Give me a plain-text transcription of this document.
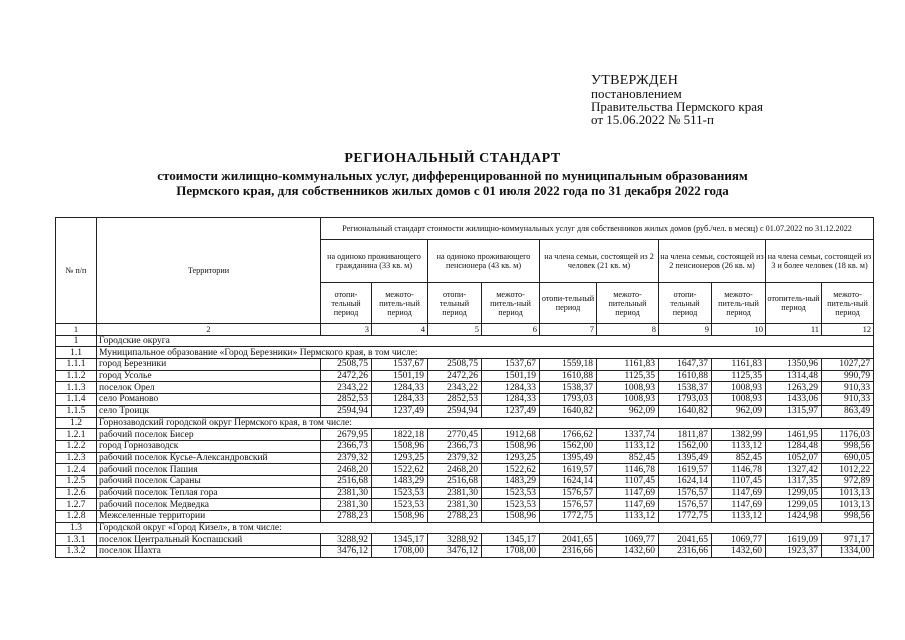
УТВЕРЖДЕН
постановлением
Правительства Пермского края
от 15.06.2022 № 511-п
РЕГИОНАЛЬНЫЙ СТАНДАРТ
стоимости жилищно-коммунальных услуг, дифференцированной по муниципальным образованиям
Пермского края, для собственников жилых домов с 01 июля 2022 года по 31 декабря 2022 года
№ п/п	Территории	Региональный стандарт стоимости жилищно-коммунальных услуг для собственников жилых домов (руб./чел. в месяц) с 01.07.2022 по 31.12.2022									
		на одиноко проживающего гражданина (33 кв. м)		на одиноко проживающего пенсионера (43 кв. м)		на члена семьи, состоящей из 2 человек (21 кв. м)		на члена семьи, состоящей из 2 пенсионеров (26 кв. м)		на члена семьи, состоящей из 3 и более человек (18 кв. м)	
		отопи-тельный период	межото-питель-ный период	отопи-тельный период	межото-питель-ный период	отопи-тельный период	межото-пительный период	отопи-тельный период	межото-питель-ный период	отопитель-ный период	межото-питель-ный период
1	2	3	4	5	6	7	8	9	10	11	12
1	Городские округа										
1.1	Муниципальное образование «Город Березники» Пермского края, в том числе:										
1.1.1	город Березники	2508,75	1537,67	2508,75	1537,67	1559,18	1161,83	1647,37	1161,83	1350,96	1027,27
1.1.2	город Усолье	2472,26	1501,19	2472,26	1501,19	1610,88	1125,35	1610,88	1125,35	1314,48	990,79
1.1.3	поселок Орел	2343,22	1284,33	2343,22	1284,33	1538,37	1008,93	1538,37	1008,93	1263,29	910,33
1.1.4	село Романово	2852,53	1284,33	2852,53	1284,33	1793,03	1008,93	1793,03	1008,93	1433,06	910,33
1.1.5	село Троицк	2594,94	1237,49	2594,94	1237,49	1640,82	962,09	1640,82	962,09	1315,97	863,49
1.2	Горнозаводский городской округ Пермского края, в том числе:										
1.2.1	рабочий поселок Бисер	2679,95	1822,18	2770,45	1912,68	1766,62	1337,74	1811,87	1382,99	1461,95	1176,03
1.2.2	город Горнозаводск	2366,73	1508,96	2366,73	1508,96	1562,00	1133,12	1562,00	1133,12	1284,48	998,56
1.2.3	рабочий поселок Кусье-Александровский	2379,32	1293,25	2379,32	1293,25	1395,49	852,45	1395,49	852,45	1052,07	690,05
1.2.4	рабочий поселок Пашия	2468,20	1522,62	2468,20	1522,62	1619,57	1146,78	1619,57	1146,78	1327,42	1012,22
1.2.5	рабочий поселок Сараны	2516,68	1483,29	2516,68	1483,29	1624,14	1107,45	1624,14	1107,45	1317,35	972,89
1.2.6	рабочий поселок Теплая гора	2381,30	1523,53	2381,30	1523,53	1576,57	1147,69	1576,57	1147,69	1299,05	1013,13
1.2.7	рабочий поселок Медведка	2381,30	1523,53	2381,30	1523,53	1576,57	1147,69	1576,57	1147,69	1299,05	1013,13
1.2.8	Межселенные территории	2788,23	1508,96	2788,23	1508,96	1772,75	1133,12	1772,75	1133,12	1424,98	998,56
1.3	Городской округ «Город Кизел», в том числе:										
1.3.1	поселок Центральный Коспашский	3288,92	1345,17	3288,92	1345,17	2041,65	1069,77	2041,65	1069,77	1619,09	971,17
1.3.2	поселок Шахта	3476,12	1708,00	3476,12	1708,00	2316,66	1432,60	2316,66	1432,60	1923,37	1334,00
